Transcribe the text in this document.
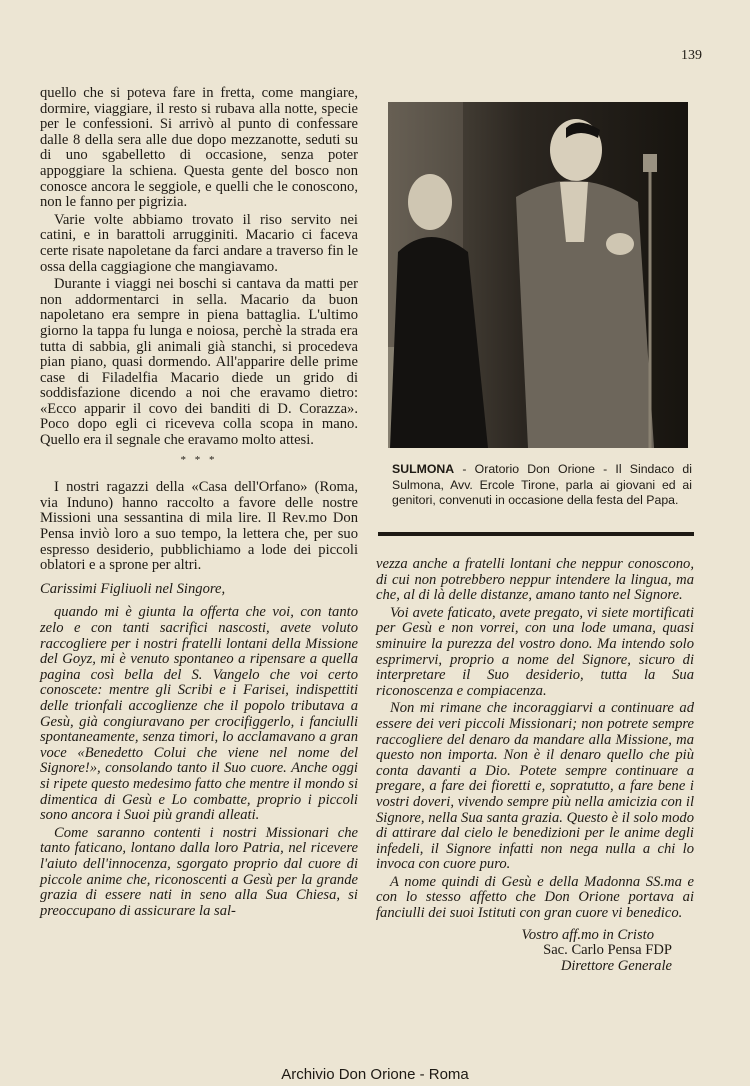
139

quello che si poteva fare in fretta, come mangiare, dormire, viaggiare, il resto si rubava alla notte, specie per le confessioni. Si arrivò al punto di confessare dalle 8 della sera alle due dopo mezzanotte, seduti su di uno sgabelletto di occasione, senza poter appoggiare la schiena. Questa gente del bosco non conosce ancora le seggiole, e quelli che le conoscono, non le fanno per pigrizia.

Varie volte abbiamo trovato il riso servito nei catini, e in barattoli arrugginiti. Macario ci faceva certe risate napoletane da farci andare a traverso fin le ossa della caggiagione che mangiavamo.

Durante i viaggi nei boschi si cantava da matti per non addormentarci in sella. Macario da buon napoletano era sempre in piena battaglia. L'ultimo giorno la tappa fu lunga e noiosa, perchè la strada era tutta di sabbia, gli animali già stanchi, si procedeva pian piano, quasi dormendo. All'apparire delle prime case di Filadelfia Macario diede un grido di soddisfazione dicendo a noi che eravamo dietro: «Ecco apparir il covo dei banditi di D. Corazza». Poco dopo egli ci riceveva colla scopa in mano. Quello era il segnale che eravamo molto attesi.

* * *

I nostri ragazzi della «Casa dell'Orfano» (Roma, via Induno) hanno raccolto a favore delle nostre Missioni una sessantina di mila lire. Il Rev.mo Don Pensa inviò loro a suo tempo, la lettera che, per suo espresso desiderio, pubblichiamo a lode dei piccoli oblatori e a sprone per altri.

Carissimi Figliuoli nel Singore,

quando mi è giunta la offerta che voi, con tanto zelo e con tanti sacrifici nascosti, avete voluto raccogliere per i nostri fratelli lontani della Missione del Goyz, mi è venuto spontaneo a ripensare a quella pagina così bella del S. Vangelo che voi certo conoscete: mentre gli Scribi e i Farisei, indispettiti delle trionfali accoglienze che il popolo tributava a Gesù, già congiuravano per crocifiggerlo, i fanciulli spontaneamente, senza timori, lo acclamavano a gran voce «Benedetto Colui che viene nel nome del Signore!», consolando tanto il Suo cuore. Anche oggi si ripete questo medesimo fatto che mentre il mondo si dimentica di Gesù e Lo combatte, proprio i piccoli sono ancora i Suoi più grandi alleati.

Come saranno contenti i nostri Missionari che tanto faticano, lontano dalla loro Patria, nel ricevere l'aiuto dell'innocenza, sgorgato proprio dal cuore di piccole anime che, riconoscenti a Gesù per la grande grazia di essere nati in seno alla Sua Chiesa, si preoccupano di assicurare la sal-

SULMONA - Oratorio Don Orione - Il Sindaco di Sulmona, Avv. Ercole Tirone, parla ai giovani ed ai genitori, convenuti in occasione della festa del Papa.

vezza anche a fratelli lontani che neppur conoscono, di cui non potrebbero neppur intendere la lingua, ma che, al di là delle distanze, amano tanto nel Signore.

Voi avete faticato, avete pregato, vi siete mortificati per Gesù e non vorrei, con una lode umana, quasi sminuire la purezza del vostro dono. Ma intendo solo esprimervi, proprio a nome del Signore, sicuro di interpretare il Suo desiderio, tutta la Sua riconoscenza e compiacenza.

Non mi rimane che incoraggiarvi a continuare ad essere dei veri piccoli Missionari; non potrete sempre raccogliere del denaro da mandare alla Missione, ma questo non importa. Non è il denaro quello che più conta davanti a Dio. Potete sempre continuare a pregare, a fare dei fioretti e, sopratutto, a fare bene i vostri doveri, vivendo sempre più nella amicizia con il Signore, nella Sua santa grazia. Questo è il solo modo di attirare dal cielo le benedizioni per le anime degli infedeli, il Signore infatti non nega nulla a chi lo invoca con cuore puro.

A nome quindi di Gesù e della Madonna SS.ma e con lo stesso affetto che Don Orione portava ai fanciulli dei suoi Istituti con gran cuore vi benedico.

Vostro aff.mo in Cristo
Sac. Carlo Pensa FDP
Direttore Generale
Archivio Don Orione - Roma
